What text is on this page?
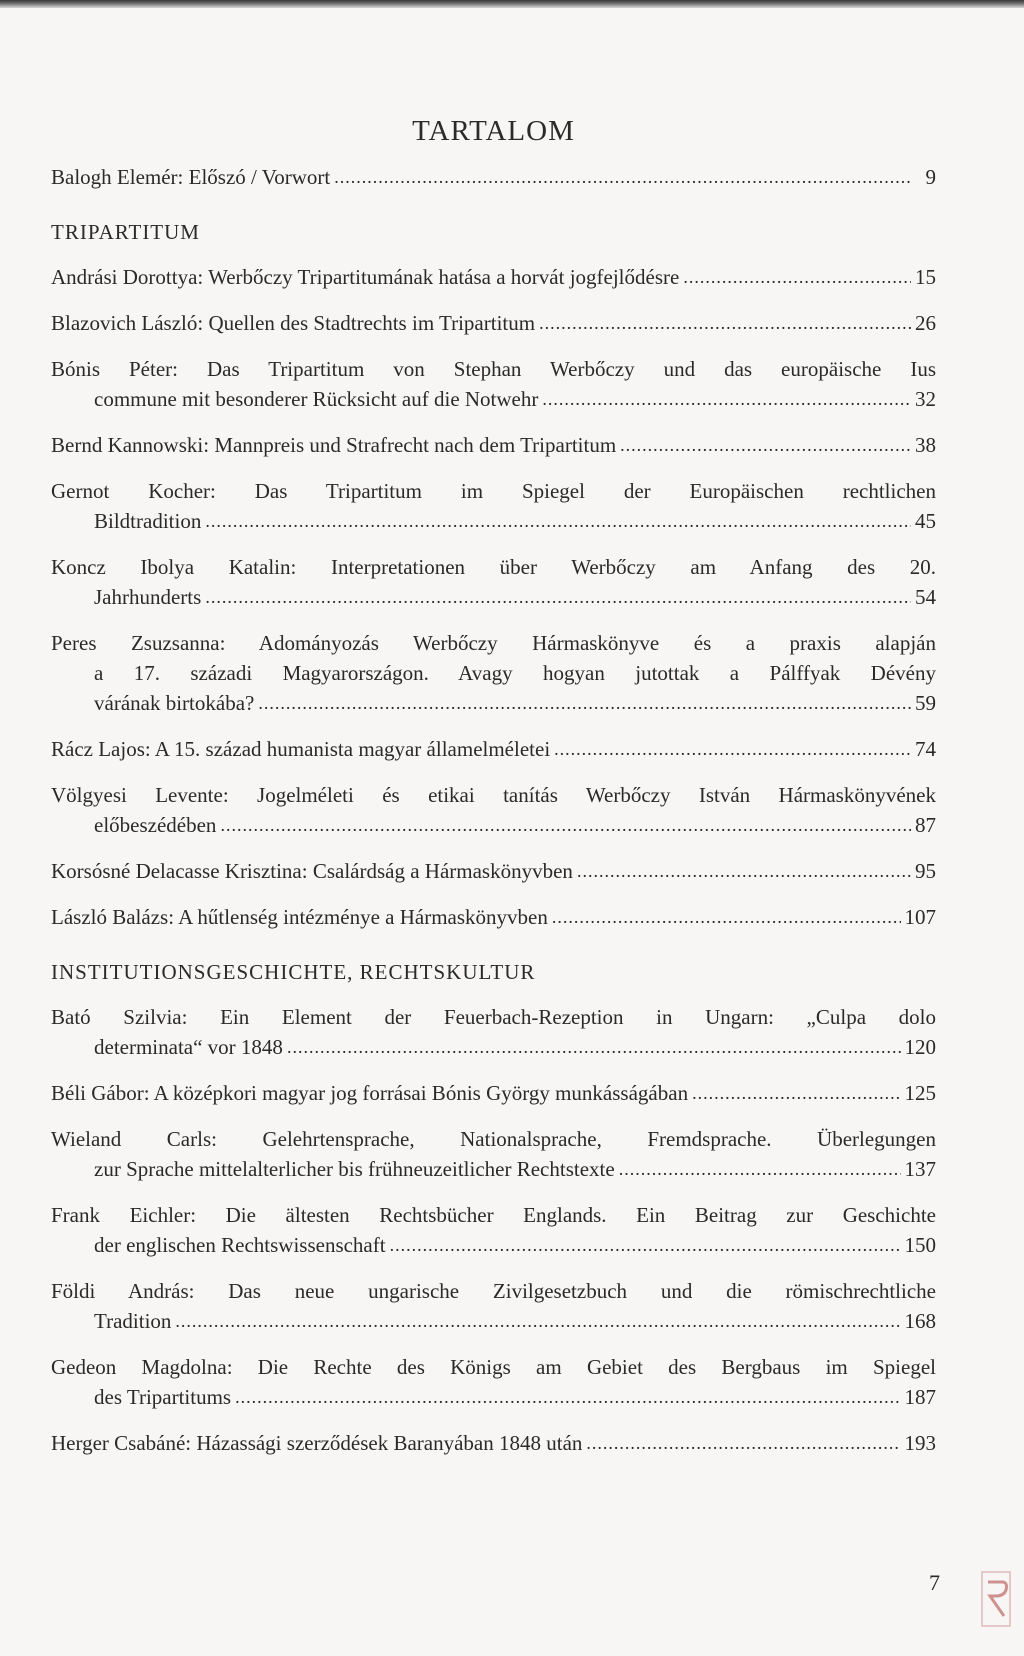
TARTALOM
Balogh Elemér: Előszó / Vorwort .....	9
TRIPARTITUM
Andrási Dorottya: Werbőczy Tripartitumának hatása a horvát jogfejlődésre .....	15
Blazovich László: Quellen des Stadtrechts im Tripartitum .....	26
Bónis Péter: Das Tripartitum von Stephan Werbőczy und das europäische Ius
commune mit besonderer Rücksicht auf die Notwehr .....	32
Bernd Kannowski: Mannpreis und Strafrecht nach dem Tripartitum .....	38
Gernot Kocher: Das Tripartitum im Spiegel der Europäischen rechtlichen
Bildtradition .....	45
Koncz Ibolya Katalin: Interpretationen über Werbőczy am Anfang des 20.
Jahrhunderts .....	54
Peres Zsuzsanna: Adományozás Werbőczy Hármaskönyve és a praxis alapján
a 17. századi Magyarországon. Avagy hogyan jutottak a Pálffyak Dévény
várának birtokába? .....	59
Rácz Lajos: A 15. század humanista magyar államelméletei .....	74
Völgyesi Levente: Jogelméleti és etikai tanítás Werbőczy István Hármaskönyvének
előbeszédében .....	87
Korsósné Delacasse Krisztina: Csalárdság a Hármaskönyvben .....	95
László Balázs: A hűtlenség intézménye a Hármaskönyvben .....	107
INSTITUTIONSGESCHICHTE, RECHTSKULTUR
Bató Szilvia: Ein Element der Feuerbach-Rezeption in Ungarn: „Culpa dolo
determinata“ vor 1848 .....	120
Béli Gábor: A középkori magyar jog forrásai Bónis György munkásságában .....	125
Wieland Carls: Gelehrtensprache, Nationalsprache, Fremdsprache. Überlegungen
zur Sprache mittelalterlicher bis frühneuzeitlicher Rechtstexte .....	137
Frank Eichler: Die ältesten Rechtsbücher Englands. Ein Beitrag zur Geschichte
der englischen Rechtswissenschaft .....	150
Földi András: Das neue ungarische Zivilgesetzbuch und die römischrechtliche
Tradition .....	168
Gedeon Magdolna: Die Rechte des Königs am Gebiet des Bergbaus im Spiegel
des Tripartitums .....	187
Herger Csabáné: Házassági szerződések Baranyában 1848 után .....	193
7
